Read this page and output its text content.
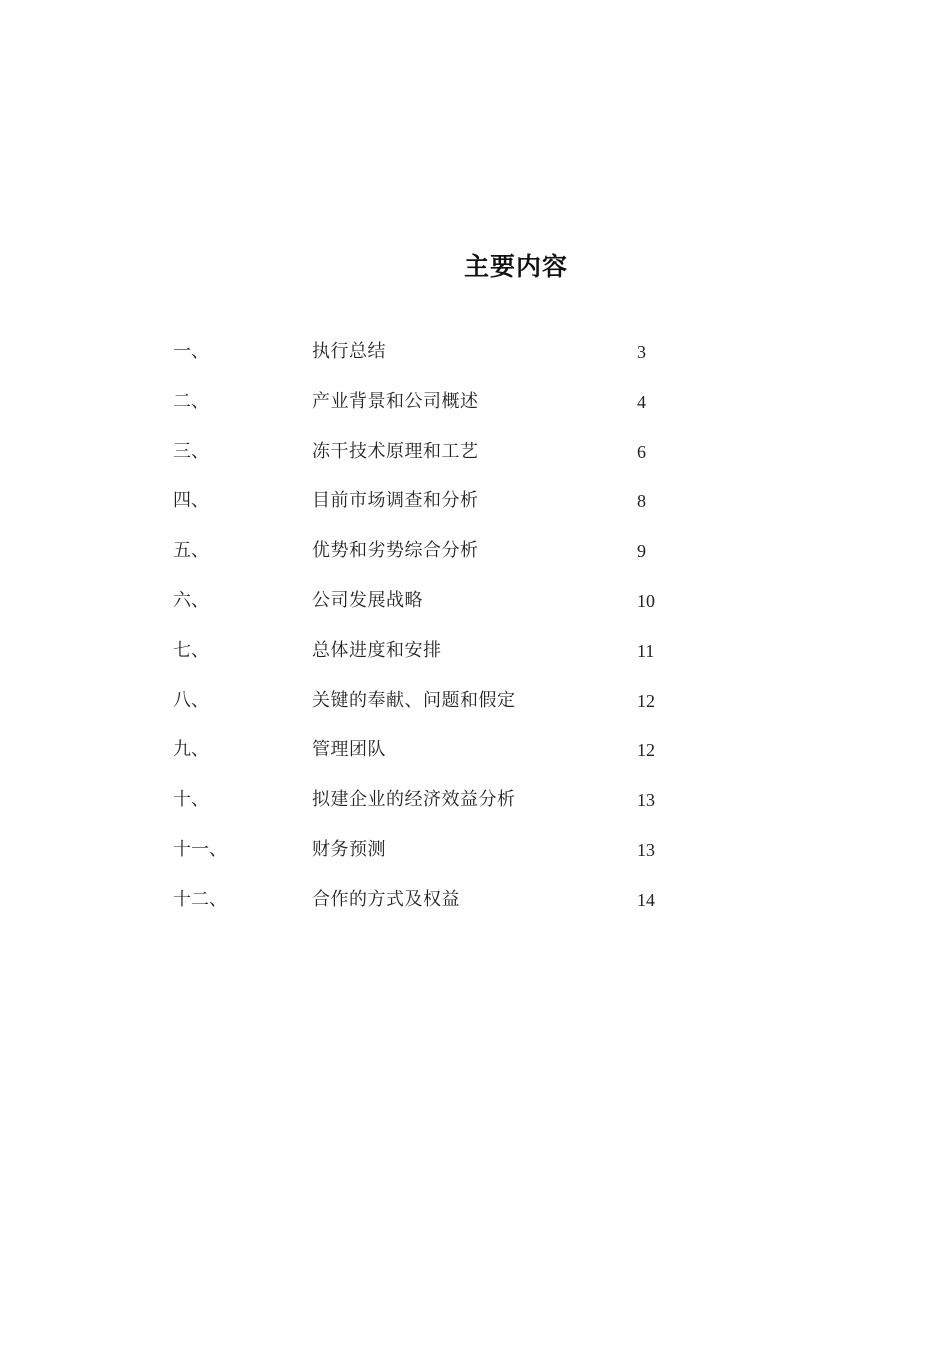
主要内容
一、	执行总结	3
二、	产业背景和公司概述	4
三、	冻干技术原理和工艺	6
四、	目前市场调查和分析	8
五、	优势和劣势综合分析	9
六、	公司发展战略	10
七、	总体进度和安排	11
八、	关键的奉献、问题和假定	12
九、	管理团队	12
十、	拟建企业的经济效益分析	13
十一、	财务预测	13
十二、	合作的方式及权益	14
